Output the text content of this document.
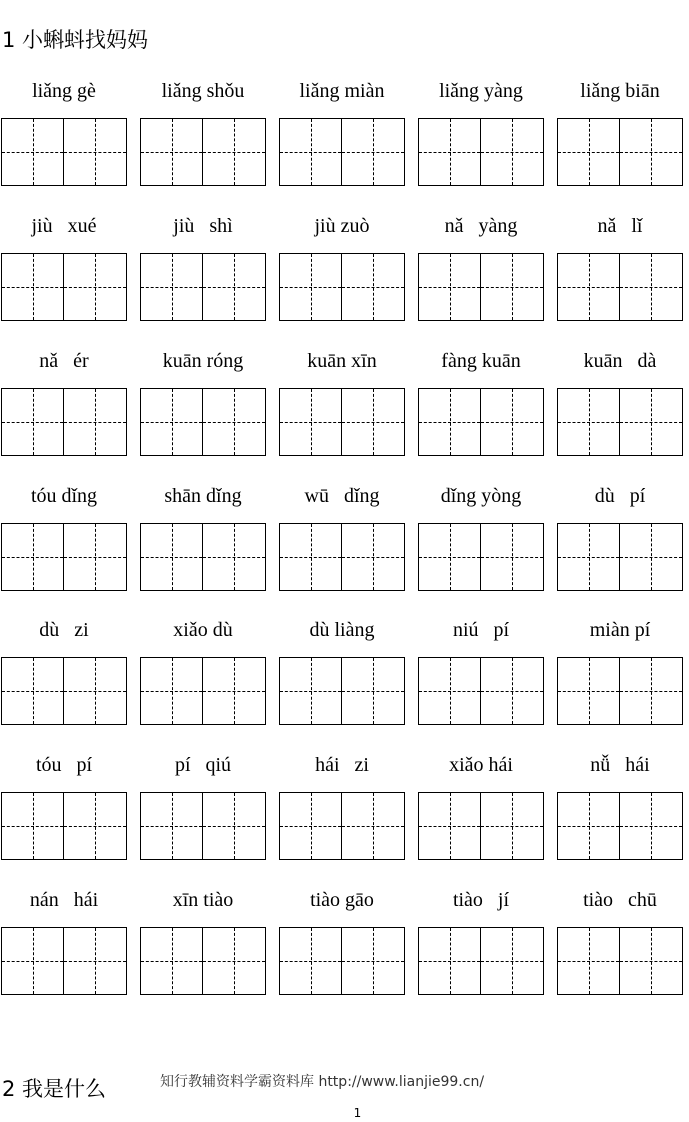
1 小蝌蚪找妈妈
liǎng gè	liǎng shǒu	liǎng miàn	liǎng yàng	liǎng biān
jiù   xué	jiù   shì	jiù zuò	nǎ   yàng	nǎ   lǐ
nǎ   ér	kuān róng	kuān xīn	fàng kuān	kuān   dà
tóu dǐng	shān dǐng	wū   dǐng	dǐng yòng	dù   pí
dù   zi	xiǎo dù	dù liàng	niú   pí	miàn pí
tóu   pí	pí   qiú	hái   zi	xiǎo hái	nǚ   hái
nán   hái	xīn tiào	tiào gāo	tiào   jí	tiào   chū
2 我是什么	知行教辅资料学霸资料库 http://www.lianjie99.cn/
1
